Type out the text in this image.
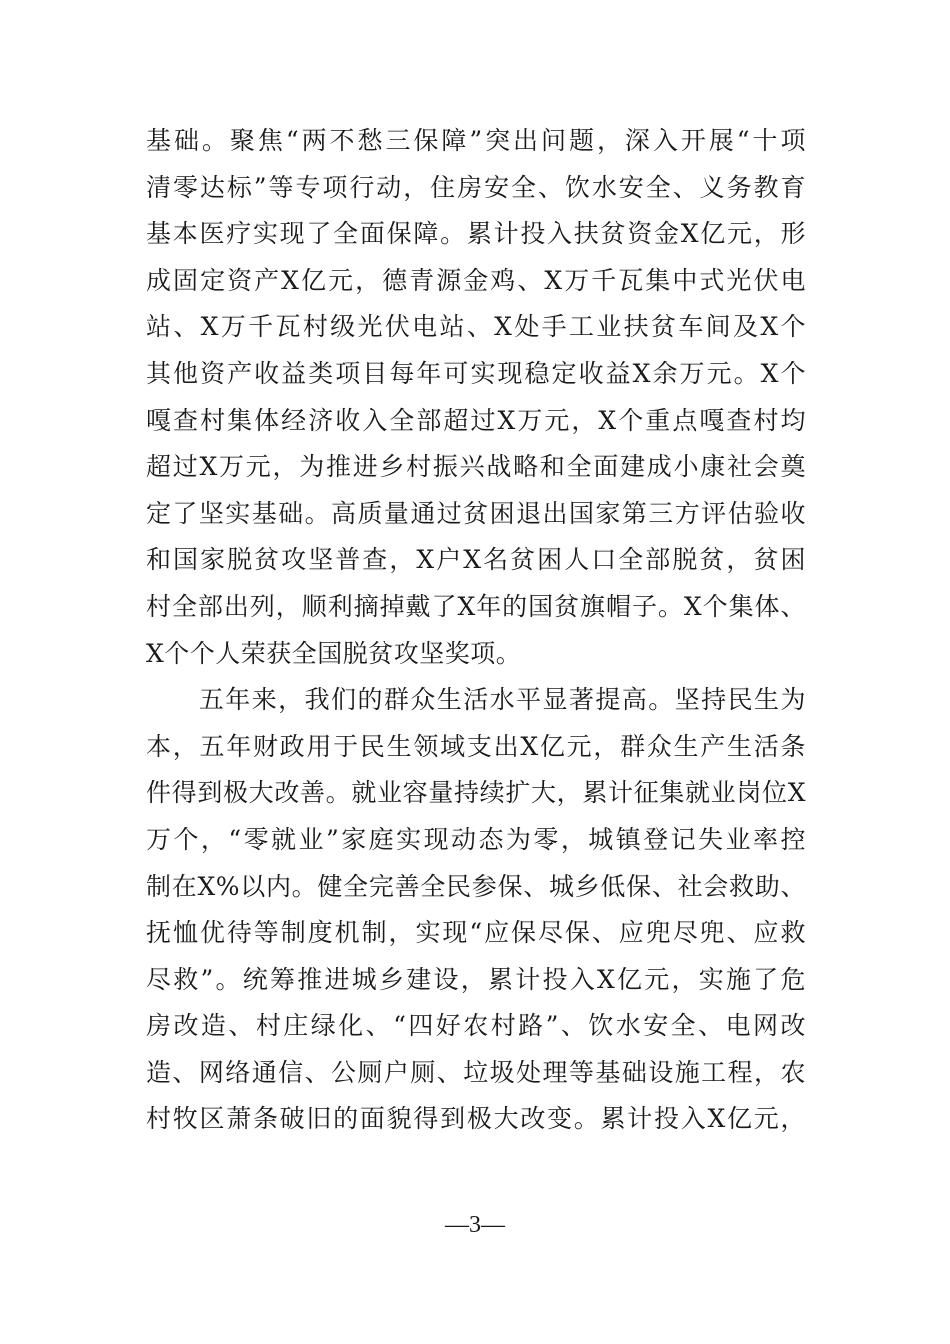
基础。聚焦“两不愁三保障”突出问题，深入开展“十项
清零达标”等专项行动，住房安全、饮水安全、义务教育
基本医疗实现了全面保障。累计投入扶贫资金X亿元，形
成固定资产X亿元，德青源金鸡、X万千瓦集中式光伏电
站、X万千瓦村级光伏电站、X处手工业扶贫车间及X个
其他资产收益类项目每年可实现稳定收益X余万元。X个
嘎查村集体经济收入全部超过X万元，X个重点嘎查村均
超过X万元，为推进乡村振兴战略和全面建成小康社会奠
定了坚实基础。高质量通过贫困退出国家第三方评估验收
和国家脱贫攻坚普查，X户X名贫困人口全部脱贫，贫困
村全部出列，顺利摘掉戴了X年的国贫旗帽子。X个集体、
X个个人荣获全国脱贫攻坚奖项。
　　五年来，我们的群众生活水平显著提高。坚持民生为
本，五年财政用于民生领域支出X亿元，群众生产生活条
件得到极大改善。就业容量持续扩大，累计征集就业岗位X
万个，“零就业”家庭实现动态为零，城镇登记失业率控
制在X%以内。健全完善全民参保、城乡低保、社会救助、
抚恤优待等制度机制，实现“应保尽保、应兜尽兜、应救
尽救”。统筹推进城乡建设，累计投入X亿元，实施了危
房改造、村庄绿化、“四好农村路”、饮水安全、电网改
造、网络通信、公厕户厕、垃圾处理等基础设施工程，农
村牧区萧条破旧的面貌得到极大改变。累计投入X亿元，
—3—
